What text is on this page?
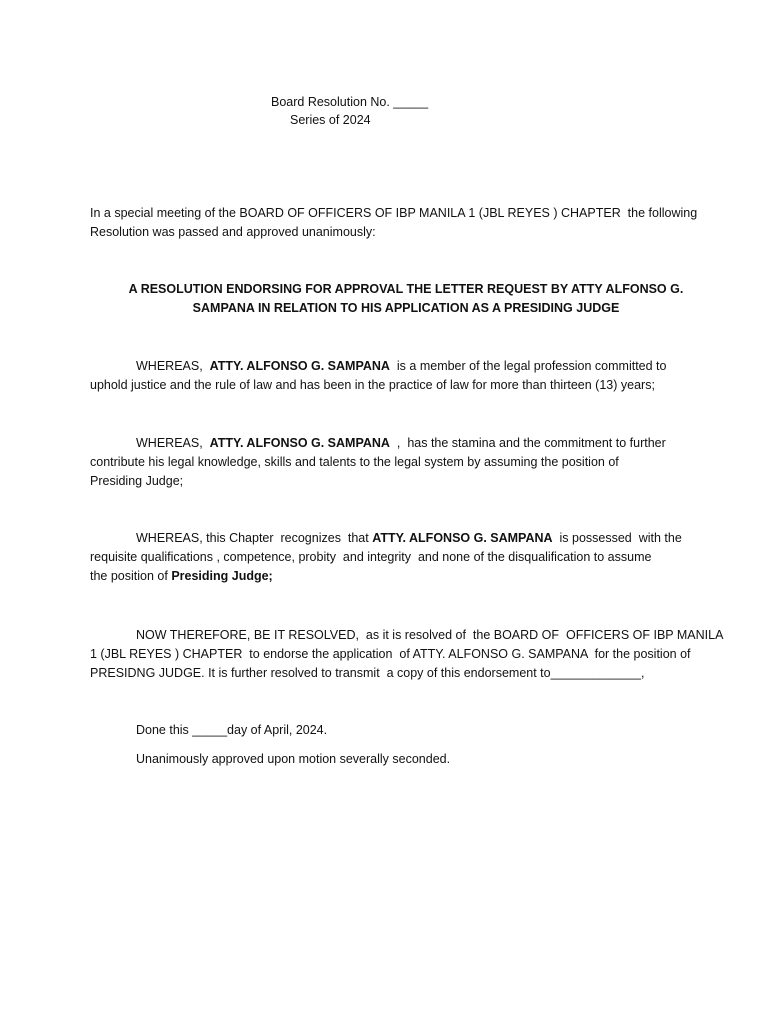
Board Resolution No. _____
Series of 2024
In a special meeting of the BOARD OF OFFICERS OF IBP MANILA 1 (JBL REYES ) CHAPTER  the following
Resolution was passed and approved unanimously:
A RESOLUTION ENDORSING FOR APPROVAL THE LETTER REQUEST BY ATTY ALFONSO G.
SAMPANA IN RELATION TO HIS APPLICATION AS A PRESIDING JUDGE
WHEREAS,  ATTY. ALFONSO G. SAMPANA  is a member of the legal profession committed to
uphold justice and the rule of law and has been in the practice of law for more than thirteen (13) years;
WHEREAS,  ATTY. ALFONSO G. SAMPANA  ,  has the stamina and the commitment to further
contribute his legal knowledge, skills and talents to the legal system by assuming the position of
Presiding Judge;
WHEREAS, this Chapter  recognizes  that ATTY. ALFONSO G. SAMPANA  is possessed  with the
requisite qualifications , competence, probity  and integrity  and none of the disqualification to assume
the position of Presiding Judge;
NOW THEREFORE, BE IT RESOLVED,  as it is resolved of  the BOARD OF  OFFICERS OF IBP MANILA
1 (JBL REYES ) CHAPTER  to endorse the application  of ATTY. ALFONSO G. SAMPANA  for the position of
PRESIDNG JUDGE. It is further resolved to transmit  a copy of this endorsement to_____________,
Done this _____day of April, 2024.
Unanimously approved upon motion severally seconded.
